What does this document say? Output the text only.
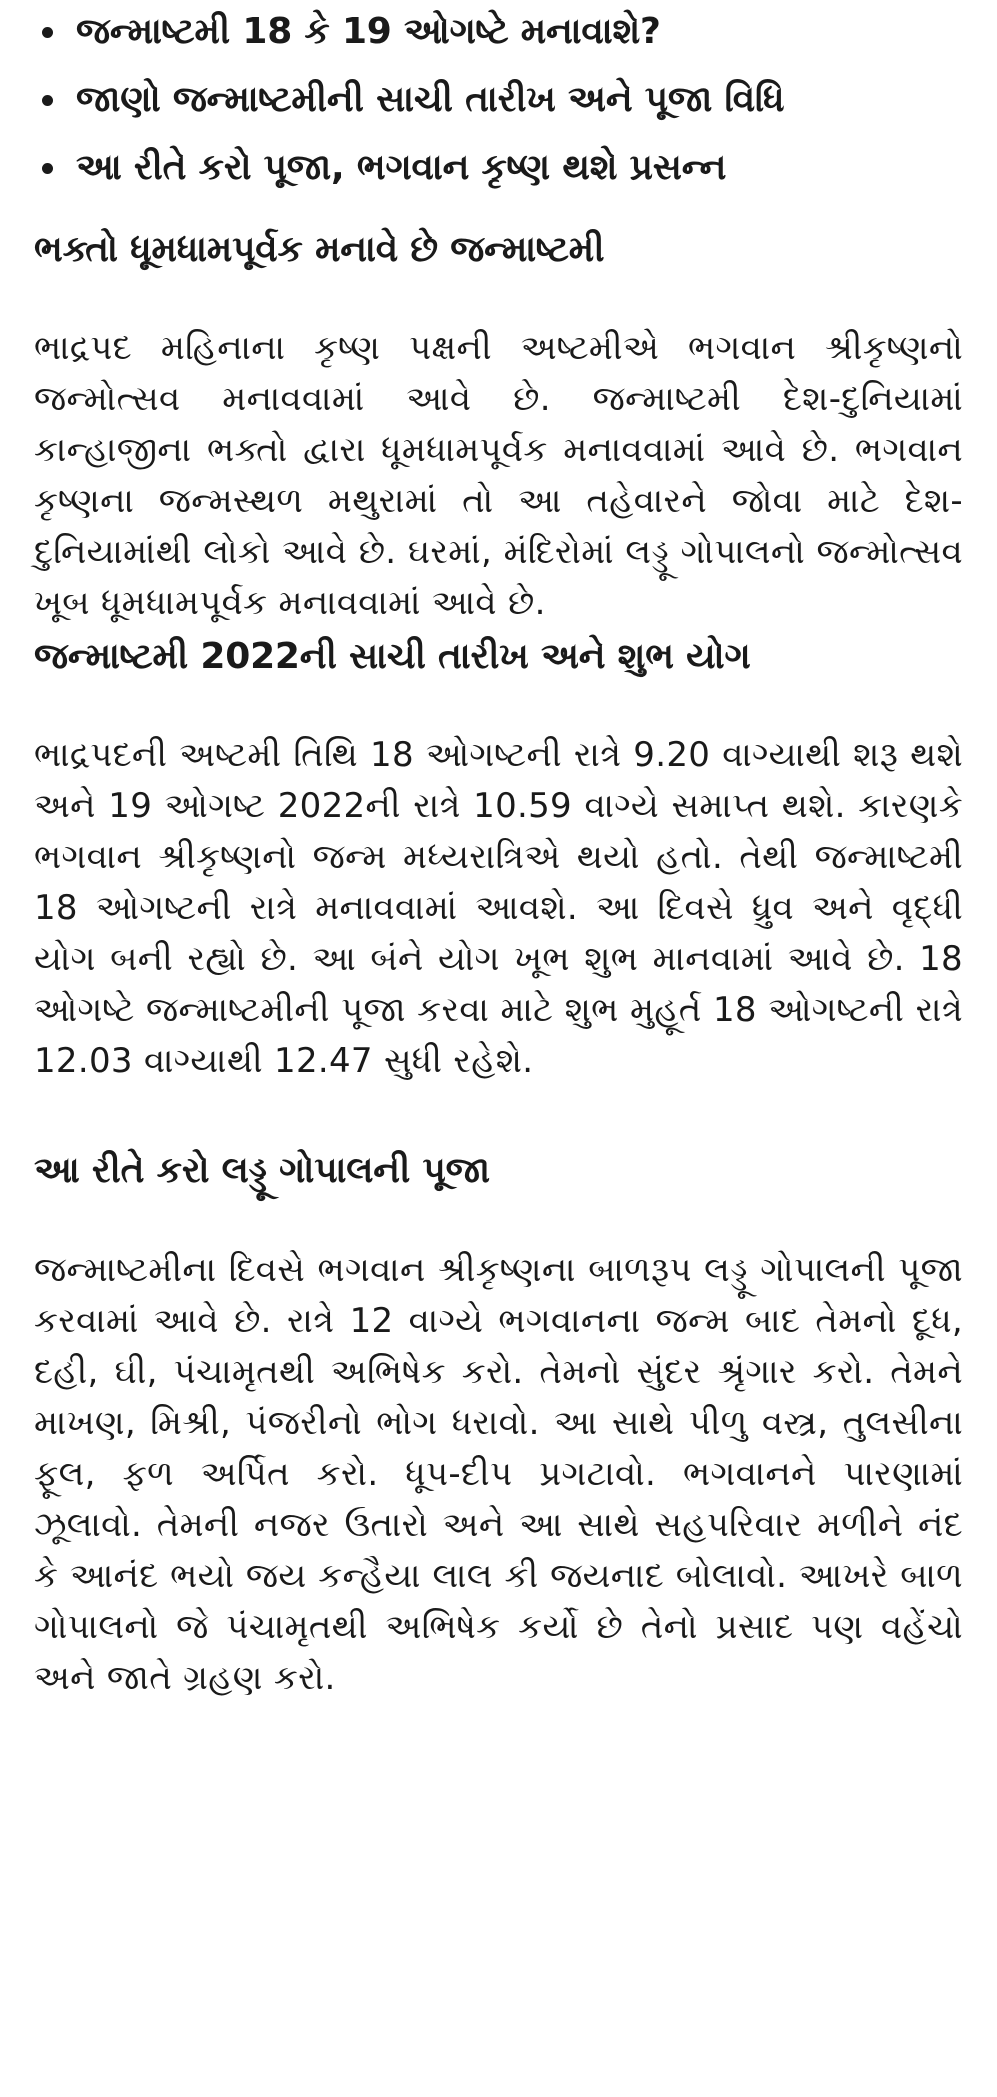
જન્માષ્ટમી 18 કે 19 ઓગષ્ટે મનાવાશે?
જાણો જન્માષ્ટમીની સાચી તારીખ અને પૂજા વિધિ
આ રીતે કરો પૂજા, ભગવાન કૃષ્ણ થશે પ્રસન્ન
ભક્તો ધૂમધામપૂર્વક મનાવે છે જન્માષ્ટમી

ભાદ્રપદ મહિનાના કૃષ્ણ પક્ષની અષ્ટમીએ ભગવાન શ્રીકૃષ્ણનો જન્મોત્સવ મનાવવામાં આવે છે. જન્માષ્ટમી દેશ-દુનિયામાં કાન્હાજીના ભક્તો દ્વારા ધૂમધામપૂર્વક મનાવવામાં આવે છે. ભગવાન કૃષ્ણના જન્મસ્થળ મથુરામાં તો આ તહેવારને જોવા માટે દેશ-દુનિયામાંથી લોકો આવે છે. ઘરમાં, મંદિરોમાં લડ્ડૂ ગોપાલનો જન્મોત્સવ ખૂબ ધૂમધામપૂર્વક મનાવવામાં આવે છે.

જન્માષ્ટમી 2022ની સાચી તારીખ અને શુભ યોગ

ભાદ્રપદની અષ્ટમી તિથિ 18 ઓગષ્ટની રાત્રે 9.20 વાગ્યાથી શરૂ થશે અને 19 ઓગષ્ટ 2022ની રાત્રે 10.59 વાગ્યે સમાપ્ત થશે. કારણકે ભગવાન શ્રીકૃષ્ણનો જન્મ મધ્યરાત્રિએ થયો હતો. તેથી જન્માષ્ટમી 18 ઓગષ્ટની રાત્રે મનાવવામાં આવશે. આ દિવસે ધ્રુવ અને વૃદ્ધી યોગ બની રહ્યો છે. આ બંને યોગ ખૂભ શુભ માનવામાં આવે છે. 18 ઓગષ્ટે જન્માષ્ટમીની પૂજા કરવા માટે શુભ મુહૂર્ત 18 ઓગષ્ટની રાત્રે 12.03 વાગ્યાથી 12.47 સુધી રહેશે.

આ રીતે કરો લડ્ડૂ ગોપાલની પૂજા

જન્માષ્ટમીના દિવસે ભગવાન શ્રીકૃષ્ણના બાળરૂપ લડ્ડૂ ગોપાલની પૂજા કરવામાં આવે છે. રાત્રે 12 વાગ્યે ભગવાનના જન્મ બાદ તેમનો દૂધ, દહી, ઘી, પંચામૃતથી અભિષેક કરો. તેમનો સુંદર શ્રૃંગાર કરો. તેમને માખણ, મિશ્રી, પંજરીનો ભોગ ધરાવો. આ સાથે પીળુ વસ્ત્ર, તુલસીના ફૂલ, ફળ અર્પિત કરો. ધૂપ-દીપ પ્રગટાવો. ભગવાનને પારણામાં ઝૂલાવો. તેમની નજર ઉતારો અને આ સાથે સહપરિવાર મળીને નંદ કે આનંદ ભયો જય કન્હૈયા લાલ કી જયનાદ બોલાવો. આખરે બાળ ગોપાલનો જે પંચામૃતથી અભિષેક કર્યો છે તેનો પ્રસાદ પણ વહેંચો અને જાતે ગ્રહણ કરો.
